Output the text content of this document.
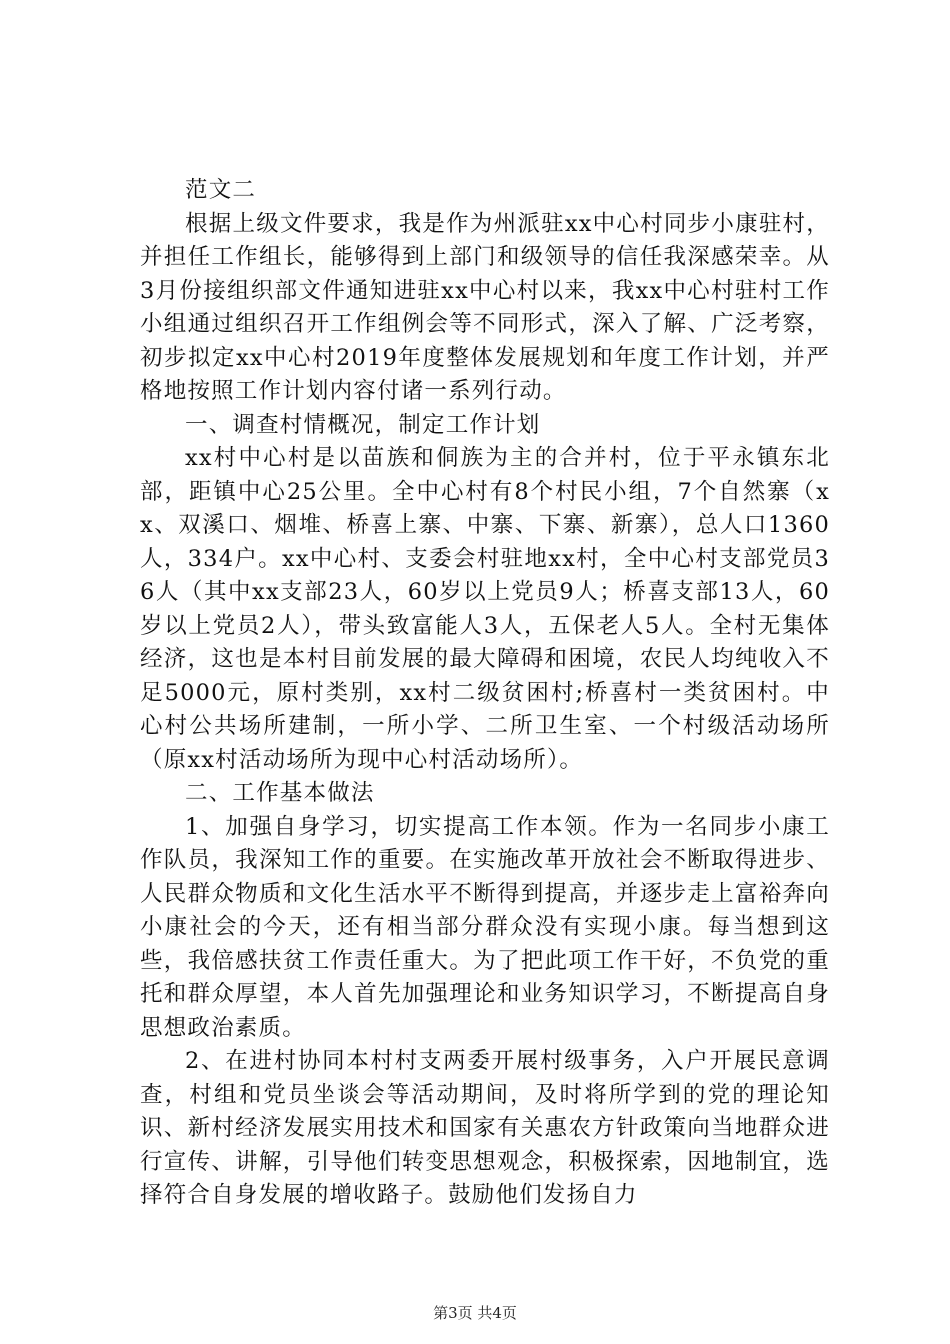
范文二

根据上级文件要求，我是作为州派驻xx中心村同步小康驻村，并担任工作组长，能够得到上部门和级领导的信任我深感荣幸。从3月份接组织部文件通知进驻xx中心村以来，我xx中心村驻村工作小组通过组织召开工作组例会等不同形式，深入了解、广泛考察，初步拟定xx中心村2019年度整体发展规划和年度工作计划，并严格地按照工作计划内容付诸一系列行动。

一、调查村情概况，制定工作计划

xx村中心村是以苗族和侗族为主的合并村，位于平永镇东北部，距镇中心25公里。全中心村有8个村民小组，7个自然寨（xx、双溪口、烟堆、桥喜上寨、中寨、下寨、新寨），总人口1360人，334户。xx中心村、支委会村驻地xx村，全中心村支部党员36人（其中xx支部23人，60岁以上党员9人；桥喜支部13人，60岁以上党员2人），带头致富能人3人，五保老人5人。全村无集体经济，这也是本村目前发展的最大障碍和困境，农民人均纯收入不足5000元，原村类别，xx村二级贫困村;桥喜村一类贫困村。中心村公共场所建制，一所小学、二所卫生室、一个村级活动场所（原xx村活动场所为现中心村活动场所）。

二、工作基本做法

1、加强自身学习，切实提高工作本领。作为一名同步小康工作队员，我深知工作的重要。在实施改革开放社会不断取得进步、人民群众物质和文化生活水平不断得到提高，并逐步走上富裕奔向小康社会的今天，还有相当部分群众没有实现小康。每当想到这些，我倍感扶贫工作责任重大。为了把此项工作干好，不负党的重托和群众厚望，本人首先加强理论和业务知识学习，不断提高自身思想政治素质。

2、在进村协同本村村支两委开展村级事务，入户开展民意调查，村组和党员坐谈会等活动期间，及时将所学到的党的理论知识、新村经济发展实用技术和国家有关惠农方针政策向当地群众进行宣传、讲解，引导他们转变思想观念，积极探索，因地制宜，选择符合自身发展的增收路子。鼓励他们发扬自力

第3页 共4页
